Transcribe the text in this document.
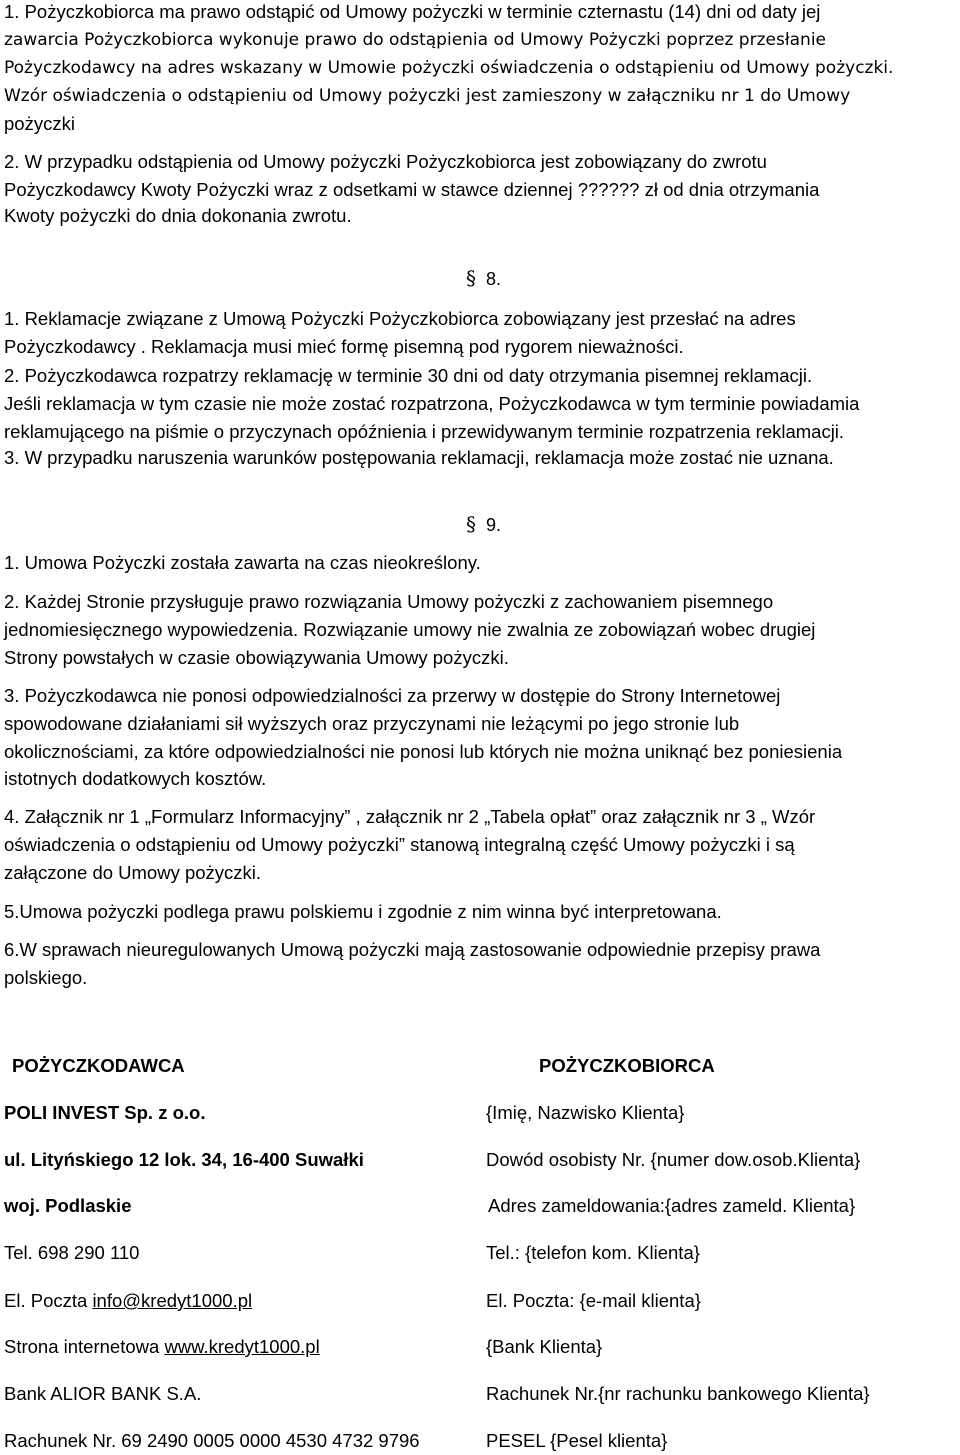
1. Pożyczkobiorca ma prawo odstąpić od Umowy pożyczki w terminie czternastu (14) dni od daty jej
zawarcia Pożyczkobiorca wykonuje prawo do odstąpienia od Umowy Pożyczki poprzez przesłanie
Pożyczkodawcy na adres wskazany w Umowie pożyczki oświadczenia o odstąpieniu od Umowy pożyczki.
Wzór oświadczenia o odstąpieniu od Umowy pożyczki jest zamieszony w załączniku nr 1 do Umowy
pożyczki
2. W przypadku odstąpienia od Umowy pożyczki Pożyczkobiorca jest zobowiązany do zwrotu
Pożyczkodawcy Kwoty Pożyczki wraz z odsetkami w stawce dziennej ?????? zł od dnia otrzymania
Kwoty pożyczki do dnia dokonania zwrotu.
§ 8.
1. Reklamacje związane z Umową Pożyczki Pożyczkobiorca zobowiązany jest przesłać na adres
Pożyczkodawcy . Reklamacja musi mieć formę pisemną pod rygorem nieważności.
2. Pożyczkodawca rozpatrzy reklamację w terminie 30 dni od daty otrzymania pisemnej reklamacji.
Jeśli reklamacja w tym czasie nie może zostać rozpatrzona, Pożyczkodawca w tym terminie powiadamia
reklamującego na piśmie o przyczynach opóźnienia i przewidywanym terminie rozpatrzenia reklamacji.
3. W przypadku naruszenia warunków postępowania reklamacji, reklamacja może zostać nie uznana.
§ 9.
1. Umowa Pożyczki została zawarta na czas nieokreślony.
2. Każdej Stronie przysługuje prawo rozwiązania Umowy pożyczki z zachowaniem pisemnego
jednomiesięcznego wypowiedzenia. Rozwiązanie umowy nie zwalnia ze zobowiązań wobec drugiej
Strony powstałych w czasie obowiązywania Umowy pożyczki.
3. Pożyczkodawca nie ponosi odpowiedzialności za przerwy w dostępie do Strony Internetowej
spowodowane działaniami sił wyższych oraz przyczynami nie leżącymi po jego stronie lub
okolicznościami, za które odpowiedzialności nie ponosi lub których nie można uniknąć bez poniesienia
istotnych dodatkowych kosztów.
4. Załącznik nr 1 „Formularz Informacyjny” , załącznik nr 2 „Tabela opłat” oraz załącznik nr 3 „ Wzór
oświadczenia o odstąpieniu od Umowy pożyczki” stanową integralną część Umowy pożyczki i są
załączone do Umowy pożyczki.
5.Umowa pożyczki podlega prawu polskiemu i zgodnie z nim winna być interpretowana.
6.W sprawach nieuregulowanych Umową pożyczki mają zastosowanie odpowiednie przepisy prawa
polskiego.
POŻYCZKODAWCA
POLI INVEST Sp. z o.o.
ul. Lityńskiego 12 lok. 34, 16-400 Suwałki
woj. Podlaskie
Tel. 698 290 110
El. Poczta info@kredyt1000.pl
Strona internetowa www.kredyt1000.pl
Bank ALIOR BANK S.A.
Rachunek Nr. 69 2490 0005 0000 4530 4732 9796
POŻYCZKOBIORCA
{Imię, Nazwisko Klienta}
Dowód osobisty Nr. {numer dow.osob.Klienta}
Adres zameldowania:{adres zameld. Klienta}
Tel.: {telefon kom. Klienta}
El. Poczta: {e-mail klienta}
{Bank Klienta}
Rachunek Nr.{nr rachunku bankowego Klienta}
PESEL {Pesel klienta}
